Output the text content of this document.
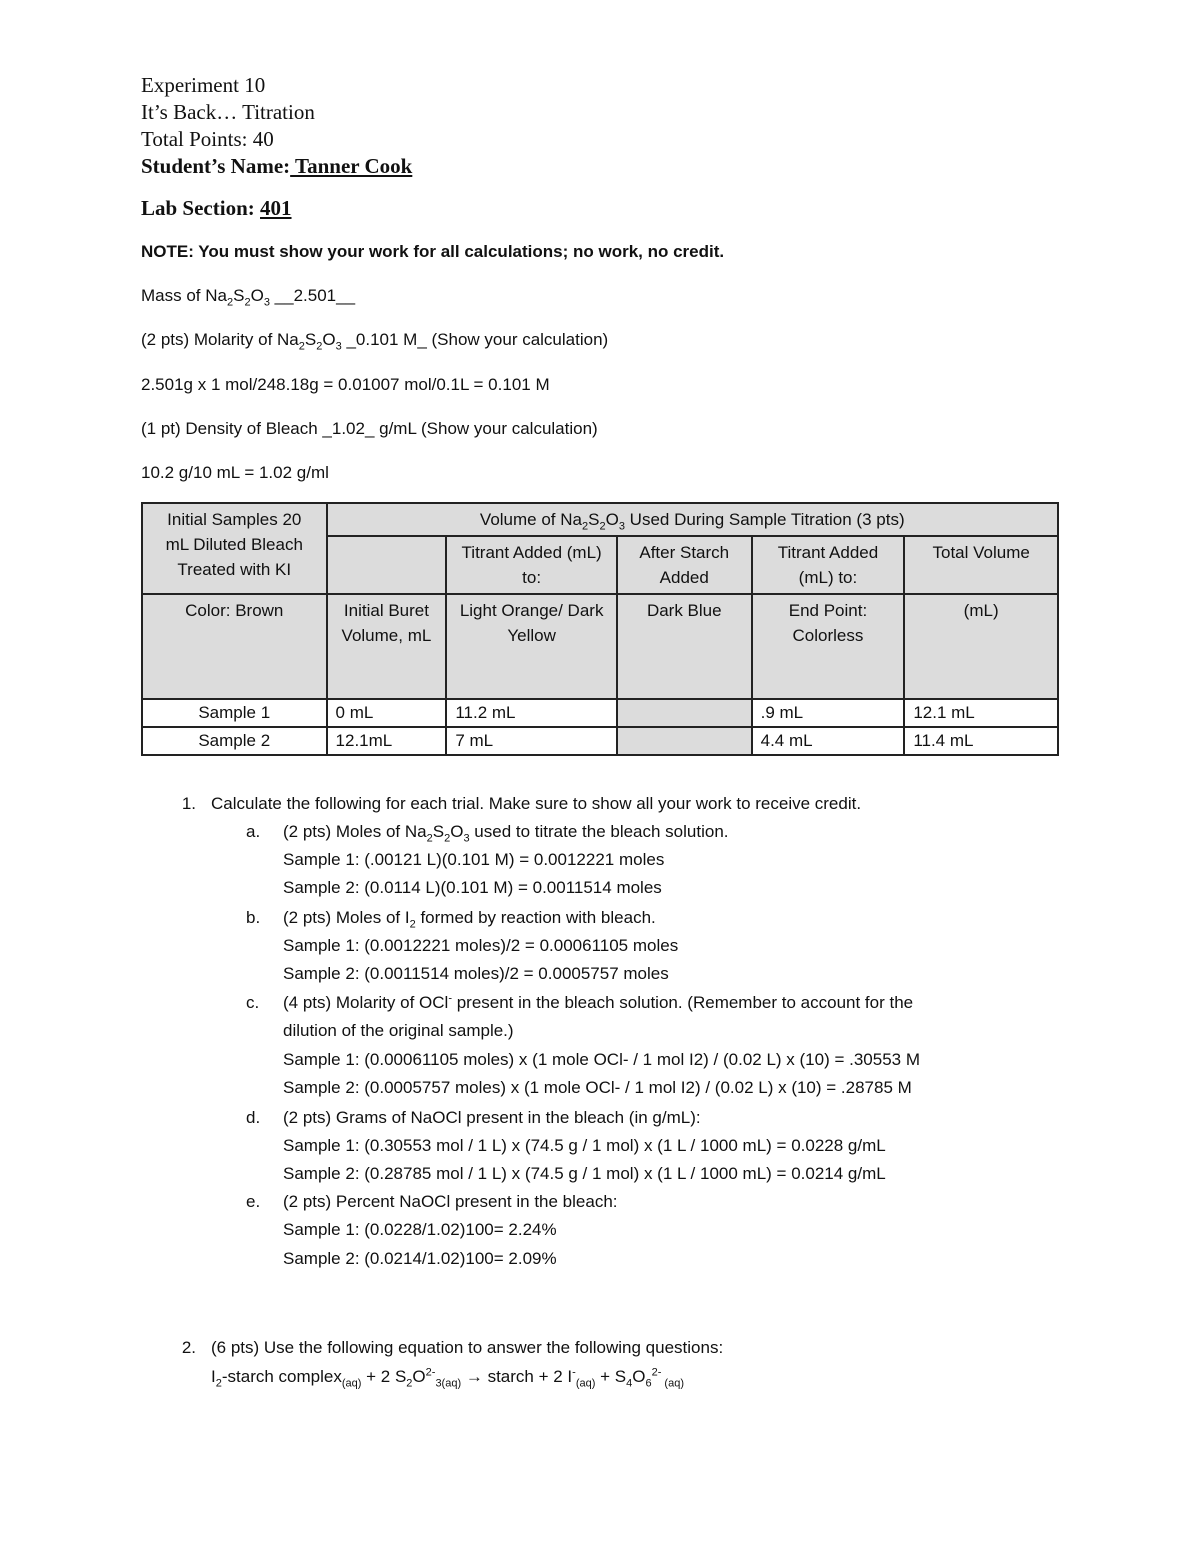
Experiment 10
It’s Back… Titration
Total Points: 40
Student’s Name: Tanner Cook
Lab Section: 401
NOTE: You must show your work for all calculations; no work, no credit.
Mass of $Na_2S_2O_3$ __2.501__
(2 pts) Molarity of $Na_2S_2O_3$ _0.101 M_ (Show your calculation)
2.501g x 1 mol/248.18g = 0.01007 mol/0.1L = 0.101 M
(1 pt) Density of Bleach _1.02_ g/mL (Show your calculation)
10.2 g/10 mL = 1.02 g/ml
Initial Samples 20
mL Diluted Bleach
Treated with KI	Volume of $Na_2S_2O_3$ Used During Sample Titration (3 pts)				
		Titrant Added (mL) to:	After Starch Added	Titrant Added (mL) to:	Total Volume
Color: Brown	Initial Buret Volume, mL	Light Orange/ Dark Yellow	Dark Blue	End Point: Colorless	(mL)
Sample 1	0 mL	11.2 mL		.9 mL	12.1 mL
Sample 2	12.1mL	7 mL		4.4 mL	11.4 mL
1. Calculate the following for each trial. Make sure to show all your work to receive credit.
a.	(2 pts) Moles of $Na_2S_2O_3$ used to titrate the bleach solution.
Sample 1: (.00121 L)(0.101 M) = 0.0012221 moles
Sample 2: (0.0114 L)(0.101 M) = 0.0011514 moles
b.	(2 pts) Moles of $I_2$ formed by reaction with bleach.
Sample 1: (0.0012221 moles)/2 = 0.00061105 moles
Sample 2: (0.0011514 moles)/2 = 0.0005757 moles
c.	(4 pts) Molarity of OCl- present in the bleach solution. (Remember to account for the
dilution of the original sample.)
Sample 1: (0.00061105 moles) x (1 mole OCl- / 1 mol I2) / (0.02 L) x (10) = .30553 M
Sample 2: (0.0005757 moles) x (1 mole OCl- / 1 mol I2) / (0.02 L) x (10) = .28785 M
d.	(2 pts) Grams of NaOCl present in the bleach (in g/mL):
Sample 1: (0.30553 mol / 1 L) x (74.5 g / 1 mol) x (1 L / 1000 mL) = 0.0228 g/mL
Sample 2: (0.28785 mol / 1 L) x (74.5 g / 1 mol) x (1 L / 1000 mL) = 0.0214 g/mL
e.	(2 pts) Percent NaOCl present in the bleach:
Sample 1: (0.0228/1.02)100= 2.24%
Sample 2: (0.0214/1.02)100= 2.09%
2. (6 pts) Use the following equation to answer the following questions:
$I_2$-starch complex$_{(aq)}$ + 2 $S_2O^{2-}_{3(aq)}$ → starch + 2 $I^-_{(aq)} + S_4O_6^{2-}$ $_{(aq)}$
